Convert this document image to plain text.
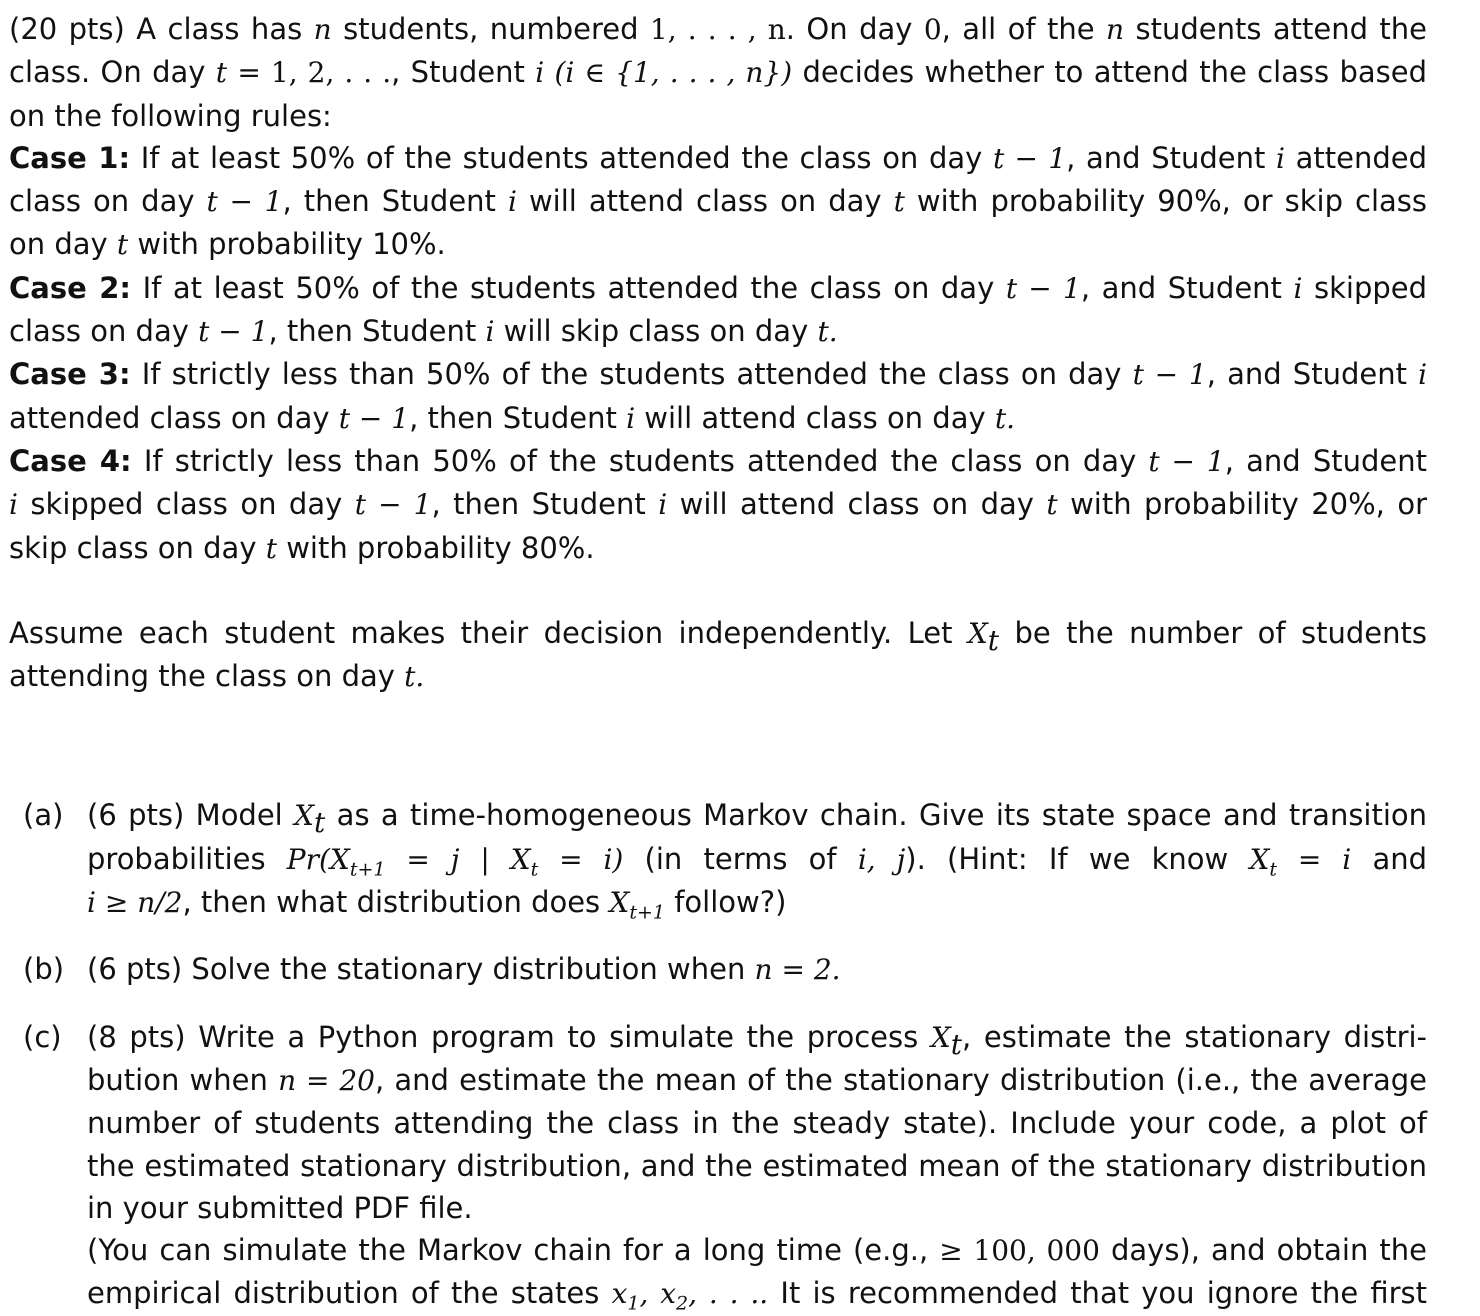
(20 pts) A class has n students, numbered 1, . . . , n. On day 0, all of the n students attend the
class. On day t = 1, 2, . . ., Student i (i ∈ {1, . . . , n}) decides whether to attend the class based
on the following rules:
Case 1: If at least 50% of the students attended the class on day t − 1, and Student i attended
class on day t − 1, then Student i will attend class on day t with probability 90%, or skip class
on day t with probability 10%.
Case 2: If at least 50% of the students attended the class on day t − 1, and Student i skipped
class on day t − 1, then Student i will skip class on day t.
Case 3: If strictly less than 50% of the students attended the class on day t − 1, and Student i
attended class on day t − 1, then Student i will attend class on day t.
Case 4: If strictly less than 50% of the students attended the class on day t − 1, and Student
i skipped class on day t − 1, then Student i will attend class on day t with probability 20%, or
skip class on day t with probability 80%.
Assume each student makes their decision independently. Let $X_t$ be the number of students
attending the class on day t.
(a) (6 pts) Model $X_t$ as a time-homogeneous Markov chain. Give its state space and transition
probabilities $Pr(X_{t+1} = j$ | $X_t = i$) (in terms of i, j). (Hint: If we know $X_t = i$ and
i ≥ n/2, then what distribution does $X_{t+1}$ follow?)
(b) (6 pts) Solve the stationary distribution when n = 2.
(c) (8 pts) Write a Python program to simulate the process $X_t$, estimate the stationary distri-
bution when n = 20, and estimate the mean of the stationary distribution (i.e., the average
number of students attending the class in the steady state). Include your code, a plot of
the estimated stationary distribution, and the estimated mean of the stationary distribution
in your submitted PDF file.
(You can simulate the Markov chain for a long time (e.g., ≥ 100, 000 days), and obtain the
empirical distribution of the states $x_1$, $x_2$, . . .. It is recommended that you ignore the first
